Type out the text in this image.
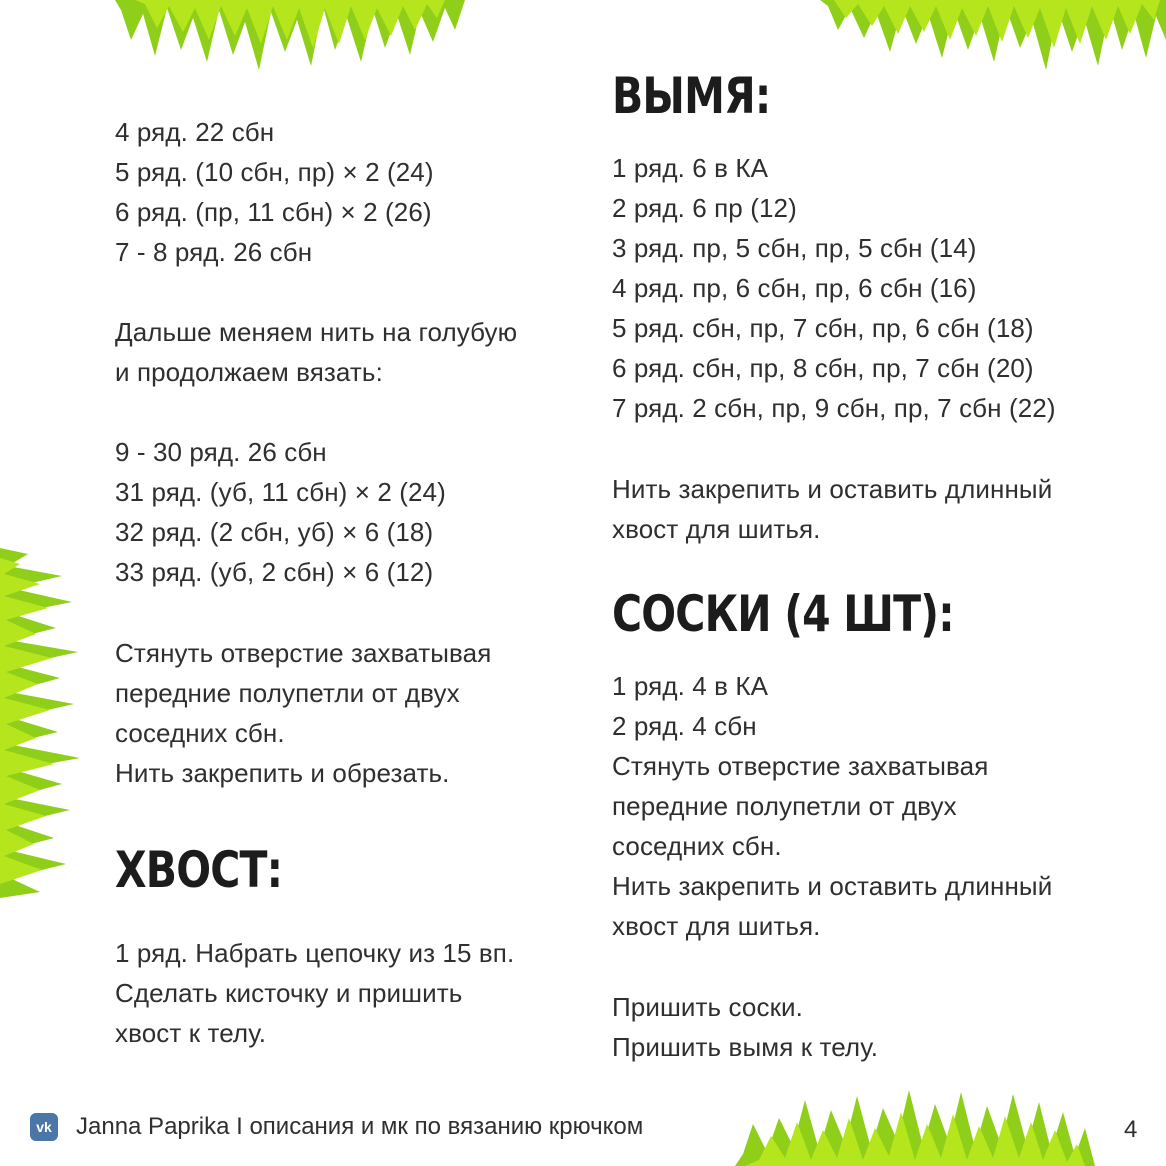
4 ряд. 22 сбн
5 ряд. (10 сбн, пр) × 2 (24)
6 ряд. (пр, 11 сбн) × 2 (26)
7 - 8 ряд. 26 сбн
Дальше меняем нить на голубую
и продолжаем вязать:
9 - 30 ряд. 26 сбн
31 ряд. (уб, 11 сбн) × 2 (24)
32 ряд. (2 сбн, уб) × 6 (18)
33 ряд. (уб, 2 сбн) × 6 (12)
Стянуть отверстие захватывая
передние полупетли от двух
соседних сбн.
Нить закрепить и обрезать.
ХВОСТ:
1 ряд. Набрать цепочку из 15 вп.
Сделать кисточку и пришить
хвост к телу.
ВЫМЯ:
1 ряд. 6 в КА
2 ряд. 6 пр (12)
3 ряд. пр, 5 сбн, пр, 5 сбн (14)
4 ряд. пр, 6 сбн, пр, 6 сбн (16)
5 ряд. сбн, пр, 7 сбн, пр, 6 сбн (18)
6 ряд. сбн, пр, 8 сбн, пр, 7 сбн (20)
7 ряд. 2 сбн, пр, 9 сбн, пр, 7 сбн (22)
Нить закрепить и оставить длинный
хвост для шитья.
СОСКИ (4 ШТ):
1 ряд. 4 в КА
2 ряд. 4 сбн
Стянуть отверстие захватывая
передние полупетли от двух
соседних сбн.
Нить закрепить и оставить длинный
хвост для шитья.
Пришить соски.
Пришить вымя к телу.
vk Janna Paprika I описания и мк по вязанию крючком	4
